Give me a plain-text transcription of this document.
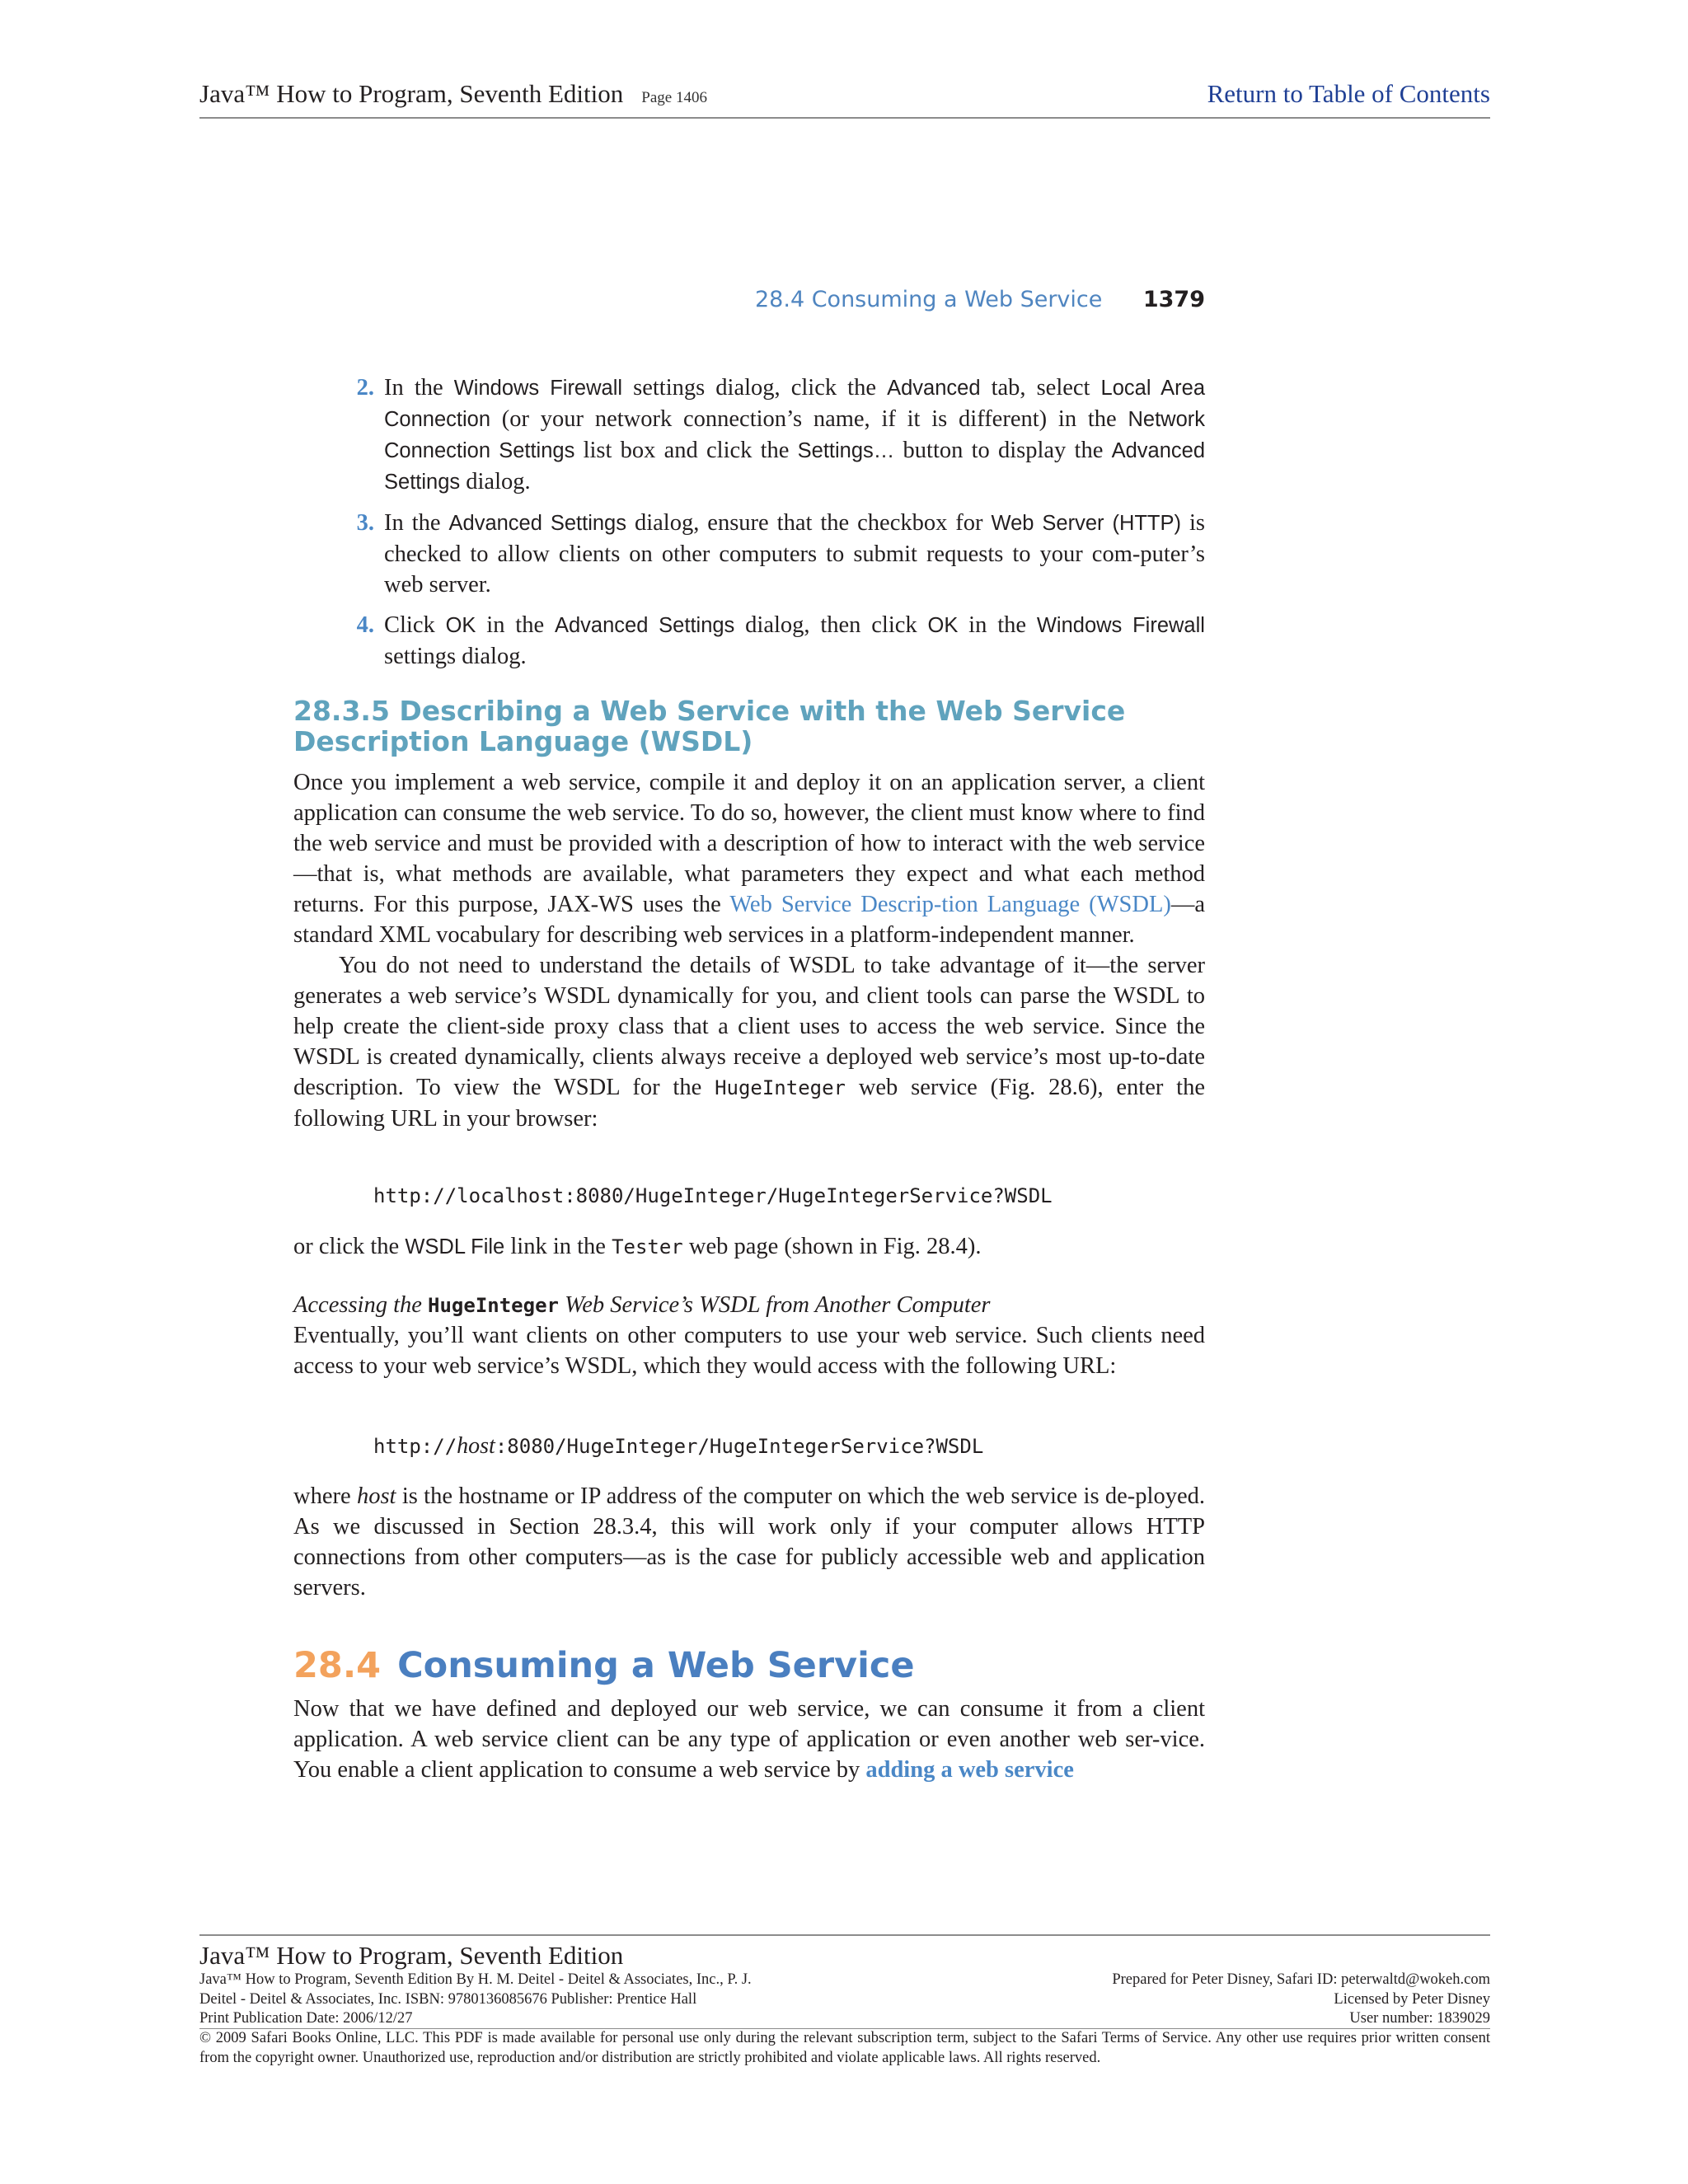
Java™ How to Program, Seventh Edition Page 1406	Return to Table of Contents
28.4 Consuming a Web Service 1379
2. In the Windows Firewall settings dialog, click the Advanced tab, select Local Area Connection (or your network connection’s name, if it is different) in the Network Connection Settings list box and click the Settings… button to display the Advanced Settings dialog.
3. In the Advanced Settings dialog, ensure that the checkbox for Web Server (HTTP) is checked to allow clients on other computers to submit requests to your com-puter’s web server.
4. Click OK in the Advanced Settings dialog, then click OK in the Windows Firewall settings dialog.
28.3.5 Describing a Web Service with the Web Service Description Language (WSDL)

Once you implement a web service, compile it and deploy it on an application server, a client application can consume the web service. To do so, however, the client must know where to find the web service and must be provided with a description of how to interact with the web service—that is, what methods are available, what parameters they expect and what each method returns. For this purpose, JAX-WS uses the Web Service Descrip-tion Language (WSDL)—a standard XML vocabulary for describing web services in a platform-independent manner.

You do not need to understand the details of WSDL to take advantage of it—the server generates a web service’s WSDL dynamically for you, and client tools can parse the WSDL to help create the client-side proxy class that a client uses to access the web service. Since the WSDL is created dynamically, clients always receive a deployed web service’s most up-to-date description. To view the WSDL for the HugeInteger web service (Fig. 28.6), enter the following URL in your browser:

http://localhost:8080/HugeInteger/HugeIntegerService?WSDL

or click the WSDL File link in the Tester web page (shown in Fig. 28.4).

Accessing the HugeInteger Web Service’s WSDL from Another Computer

Eventually, you’ll want clients on other computers to use your web service. Such clients need access to your web service’s WSDL, which they would access with the following URL:

http://host:8080/HugeInteger/HugeIntegerService?WSDL

where host is the hostname or IP address of the computer on which the web service is de-ployed. As we discussed in Section 28.3.4, this will work only if your computer allows HTTP connections from other computers—as is the case for publicly accessible web and application servers.

28.4 Consuming a Web Service

Now that we have defined and deployed our web service, we can consume it from a client application. A web service client can be any type of application or even another web ser-vice. You enable a client application to consume a web service by adding a web service

Java™ How to Program, Seventh Edition
Java™ How to Program, Seventh Edition By H. M. Deitel - Deitel & Associates, Inc., P. J.
Deitel - Deitel & Associates, Inc. ISBN: 9780136085676 Publisher: Prentice Hall
Print Publication Date: 2006/12/27
Prepared for Peter Disney, Safari ID: peterwaltd@wokeh.com
Licensed by Peter Disney
User number: 1839029
© 2009 Safari Books Online, LLC. This PDF is made available for personal use only during the relevant subscription term, subject to the Safari Terms of Service. Any other use requires prior written consent from the copyright owner. Unauthorized use, reproduction and/or distribution are strictly prohibited and violate applicable laws. All rights reserved.
